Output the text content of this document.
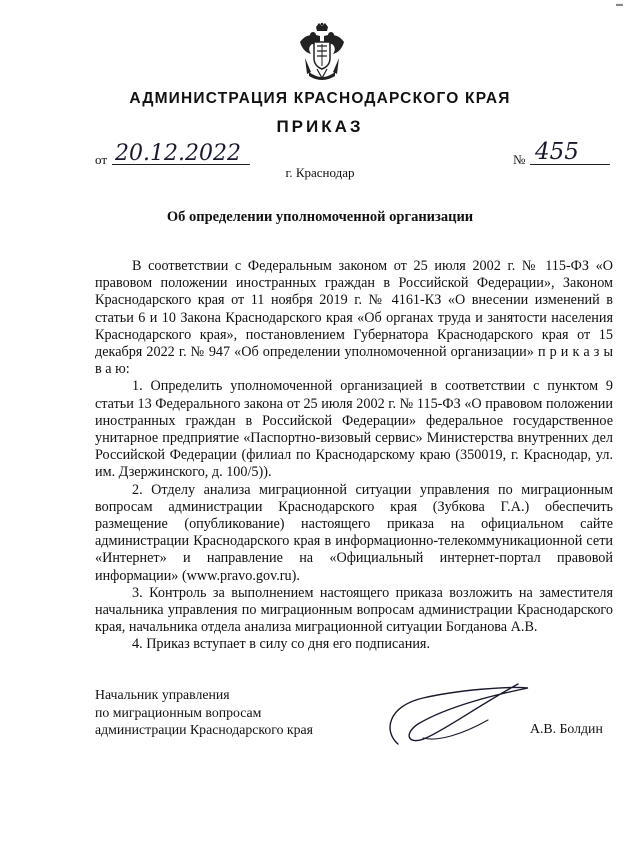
▬
АДМИНИСТРАЦИЯ КРАСНОДАРСКОГО КРАЯ
ПРИКАЗ
от 20.12.2022	№ 455
г. Краснодар
Об определении уполномоченной организации

В соответствии с Федеральным законом от 25 июля 2002 г. № 115-ФЗ «О правовом положении иностранных граждан в Российской Федерации», Законом Краснодарского края от 11 ноября 2019 г. № 4161-КЗ «О внесении изменений в статьи 6 и 10 Закона Краснодарского края «Об органах труда и занятости населения Краснодарского края», постановлением Губернатора Краснодарского края от 15 декабря 2022 г. № 947 «Об определении уполномоченной организации» п р и к а з ы в а ю:

1. Определить уполномоченной организацией в соответствии с пунктом 9 статьи 13 Федерального закона от 25 июля 2002 г. № 115-ФЗ «О правовом положении иностранных граждан в Российской Федерации» федеральное государственное унитарное предприятие «Паспортно-визовый сервис» Министерства внутренних дел Российской Федерации (филиал по Краснодарскому краю (350019, г. Краснодар, ул. им. Дзержинского, д. 100/5)).

2. Отделу анализа миграционной ситуации управления по миграционным вопросам администрации Краснодарского края (Зубкова Г.А.) обеспечить размещение (опубликование) настоящего приказа на официальном сайте администрации Краснодарского края в информационно-телекоммуникационной сети «Интернет» и направление на «Официальный интернет-портал правовой информации» (www.pravo.gov.ru).

3. Контроль за выполнением настоящего приказа возложить на заместителя начальника управления по миграционным вопросам администрации Краснодарского края, начальника отдела анализа миграционной ситуации Богданова А.В.

4. Приказ вступает в силу со дня его подписания.

Начальник управления
по миграционным вопросам
администрации Краснодарского края	А.В. Болдин
